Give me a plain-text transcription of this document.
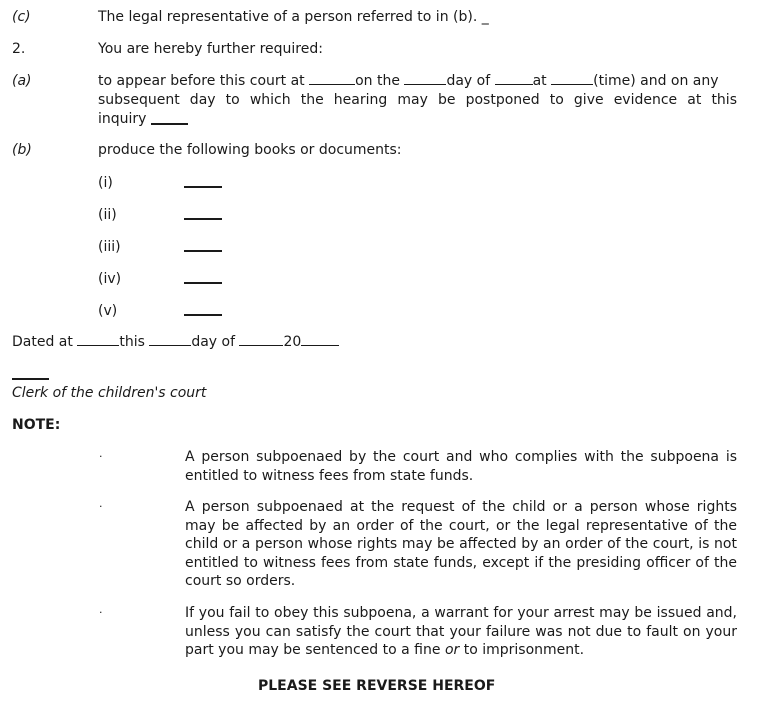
(c)	The legal representative of a person referred to in (b). _
2.	You are hereby further required:
(a)	to appear before this court at	on the	day of	at	(time) and on any
subsequent day to which the hearing may be postponed to give evidence at this
inquiry
(b)	produce the following books or documents:
(i)
(ii)
(iii)
(iv)
(v)
Dated at	this	day of	20
Clerk of the children's court
NOTE:
·	A person subpoenaed by the court and who complies with the subpoena is entitled to witness fees from state funds.
·	A person subpoenaed at the request of the child or a person whose rights may be affected by an order of the court, or the legal representative of the child or a person whose rights may be affected by an order of the court, is not entitled to witness fees from state funds, except if the presiding officer of the court so orders.
·	If you fail to obey this subpoena, a warrant for your arrest may be issued and, unless you can satisfy the court that your failure was not due to fault on your part you may be sentenced to a fine or to imprisonment.
PLEASE SEE REVERSE HEREOF
